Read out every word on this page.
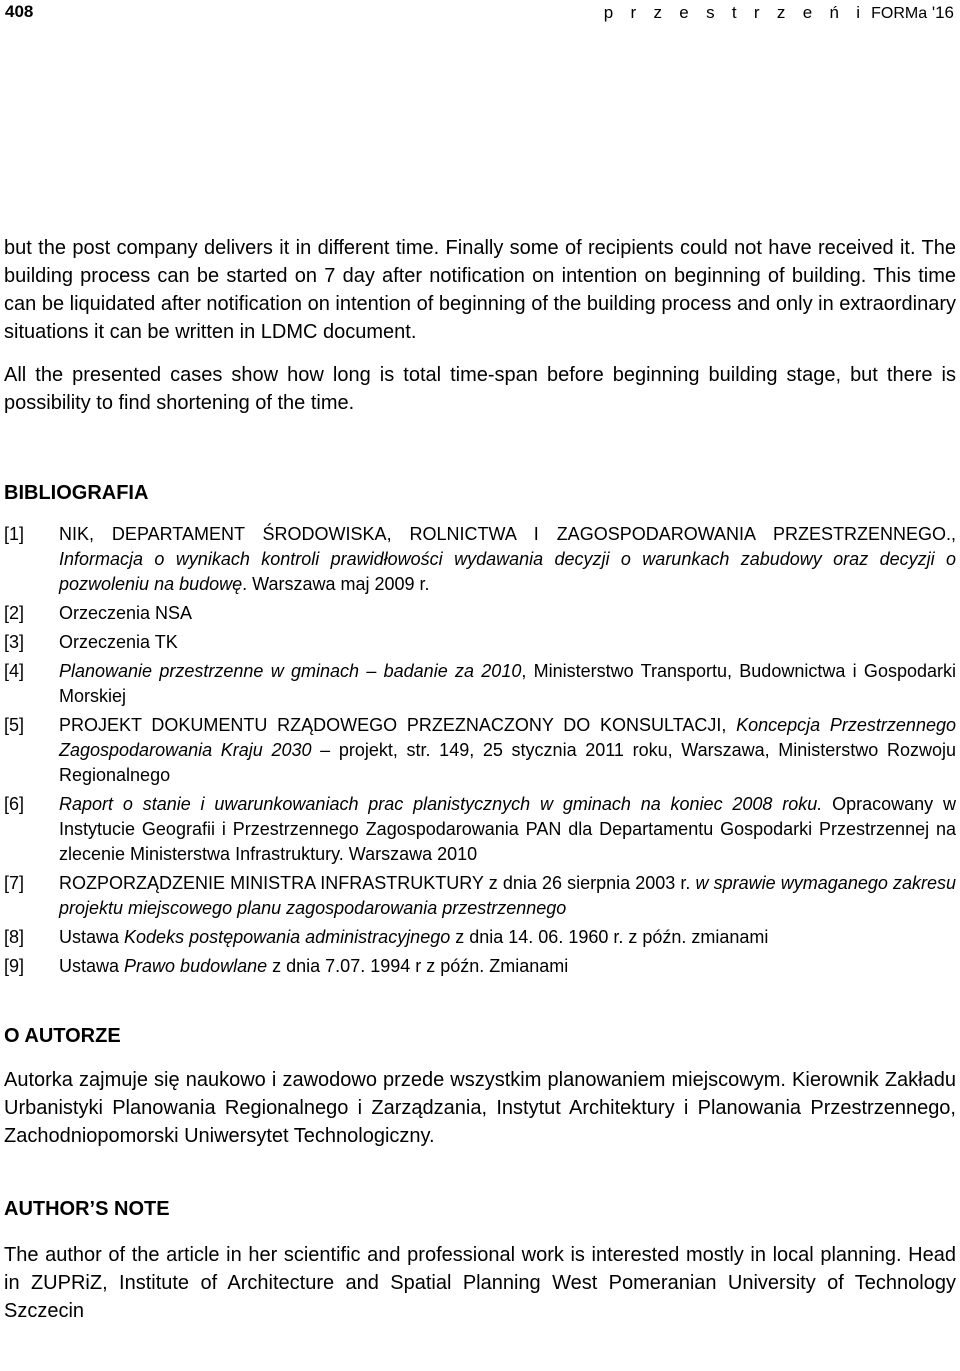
408	p r z e s t r z e ń i FORMa '16

but the post company delivers it in different time. Finally some of recipients could not have received it. The building process can be started on 7 day after notification on intention on beginning of building. This time can be liquidated after notification on intention of beginning of the building process and only in extraordinary situations it can be written in LDMC document.

All the presented cases show how long is total time-span before beginning building stage, but there is possibility to find shortening of the time.

BIBLIOGRAFIA
[1]	NIK, DEPARTAMENT ŚRODOWISKA, ROLNICTWA I ZAGOSPODAROWANIA PRZESTRZENNEGO., Informacja o wynikach kontroli prawidłowości wydawania decyzji o warunkach zabudowy oraz decyzji o pozwoleniu na budowę. Warszawa maj 2009 r.
[2]	Orzeczenia NSA
[3]	Orzeczenia TK
[4]	Planowanie przestrzenne w gminach – badanie za 2010, Ministerstwo Transportu, Budownictwa i Gospodarki Morskiej
[5]	PROJEKT DOKUMENTU RZĄDOWEGO PRZEZNACZONY DO KONSULTACJI, Koncepcja Przestrzennego Zagospodarowania Kraju 2030 – projekt, str. 149, 25 stycznia 2011 roku, Warszawa, Ministerstwo Rozwoju Regionalnego
[6]	Raport o stanie i uwarunkowaniach prac planistycznych w gminach na koniec 2008 roku. Opracowany w Instytucie Geografii i Przestrzennego Zagospodarowania PAN dla Departamentu Gospodarki Przestrzennej na zlecenie Ministerstwa Infrastruktury. Warszawa 2010
[7]	ROZPORZĄDZENIE MINISTRA INFRASTRUKTURY z dnia 26 sierpnia 2003 r. w sprawie wymaganego zakresu projektu miejscowego planu zagospodarowania przestrzennego
[8]	Ustawa Kodeks postępowania administracyjnego z dnia 14. 06. 1960 r. z późn. zmianami
[9]	Ustawa Prawo budowlane z dnia 7.07. 1994 r z późn. Zmianami
O AUTORZE

Autorka zajmuje się naukowo i zawodowo przede wszystkim planowaniem miejscowym. Kierownik Zakładu Urbanistyki Planowania Regionalnego i Zarządzania, Instytut Architektury i Planowania Przestrzennego, Zachodniopomorski Uniwersytet Technologiczny.

AUTHOR’S NOTE

The author of the article in her scientific and professional work is interested mostly in local planning. Head in ZUPRiZ, Institute of Architecture and Spatial Planning West Pomeranian University of Technology Szczecin
